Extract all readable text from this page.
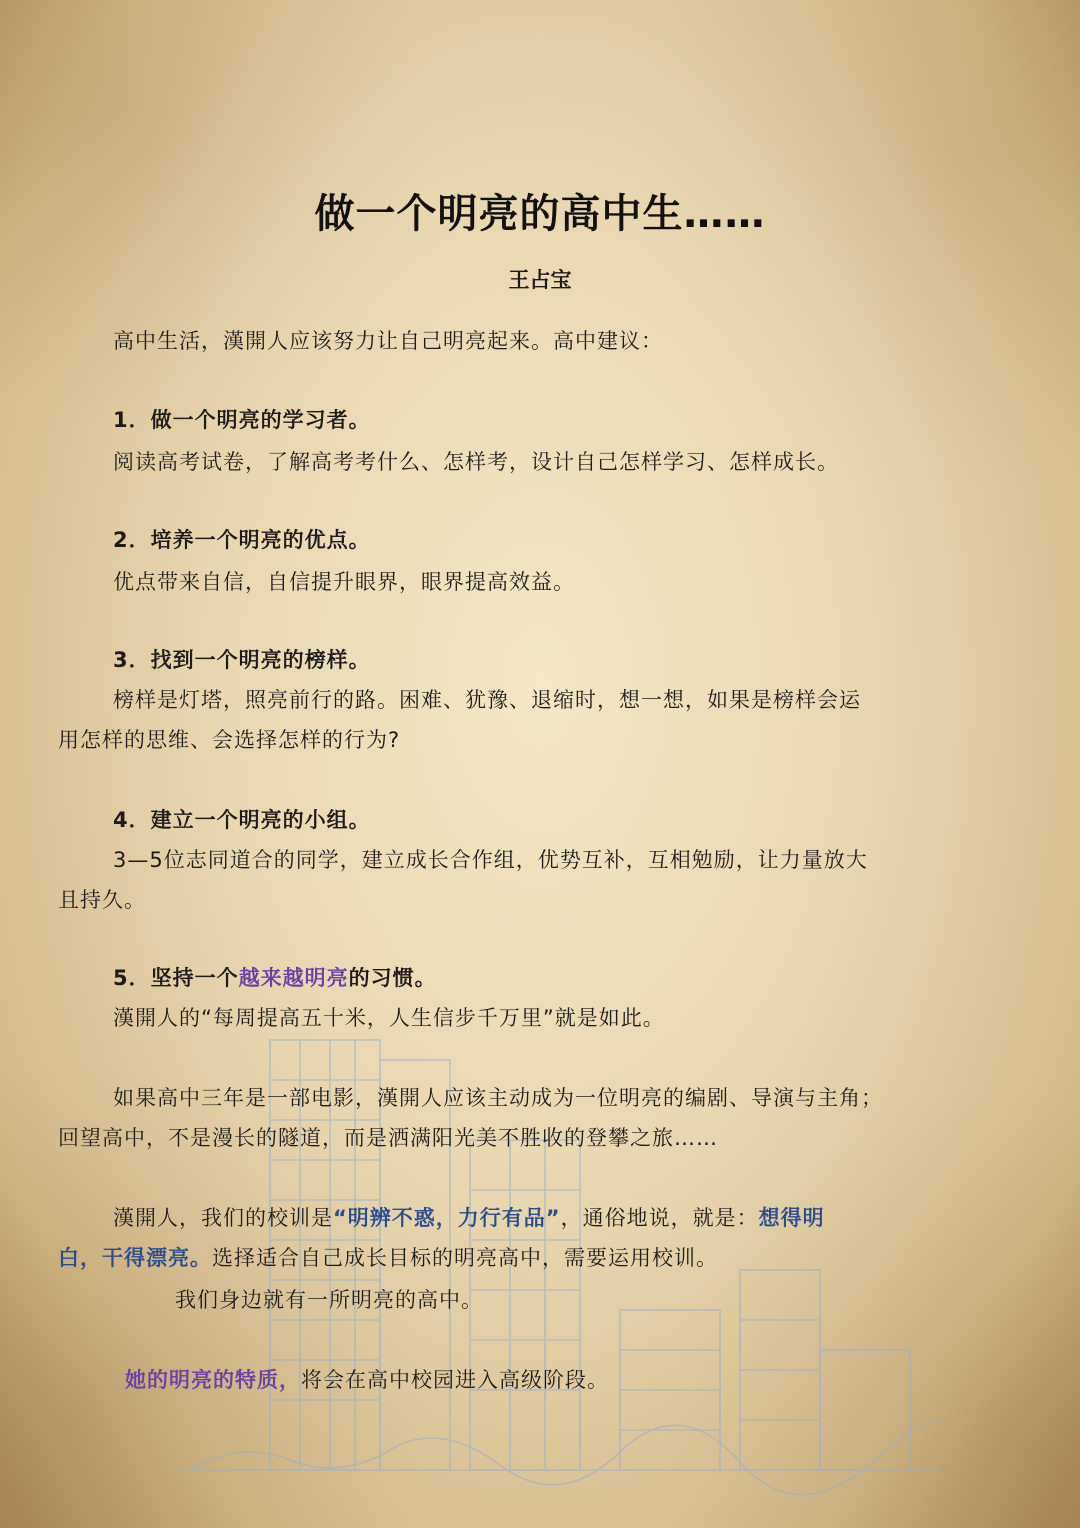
做一个明亮的高中生……
王占宝
高中生活，漢開人应该努力让自己明亮起来。高中建议：
1．做一个明亮的学习者。
阅读高考试卷，了解高考考什么、怎样考，设计自己怎样学习、怎样成长。
2．培养一个明亮的优点。
优点带来自信，自信提升眼界，眼界提高效益。
3．找到一个明亮的榜样。
榜样是灯塔，照亮前行的路。困难、犹豫、退缩时，想一想，如果是榜样会运
用怎样的思维、会选择怎样的行为?
4．建立一个明亮的小组。
3—5位志同道合的同学，建立成长合作组，优势互补，互相勉励，让力量放大
且持久。
5．坚持一个越来越明亮的习惯。
漢開人的“每周提高五十米，人生信步千万里”就是如此。
如果高中三年是一部电影，漢開人应该主动成为一位明亮的编剧、导演与主角；
回望高中，不是漫长的隧道，而是洒满阳光美不胜收的登攀之旅……
漢開人，我们的校训是“明辨不惑，力行有品”，通俗地说，就是：想得明
白，干得漂亮。选择适合自己成长目标的明亮高中，需要运用校训。
我们身边就有一所明亮的高中。
她的明亮的特质，将会在高中校园进入高级阶段。
